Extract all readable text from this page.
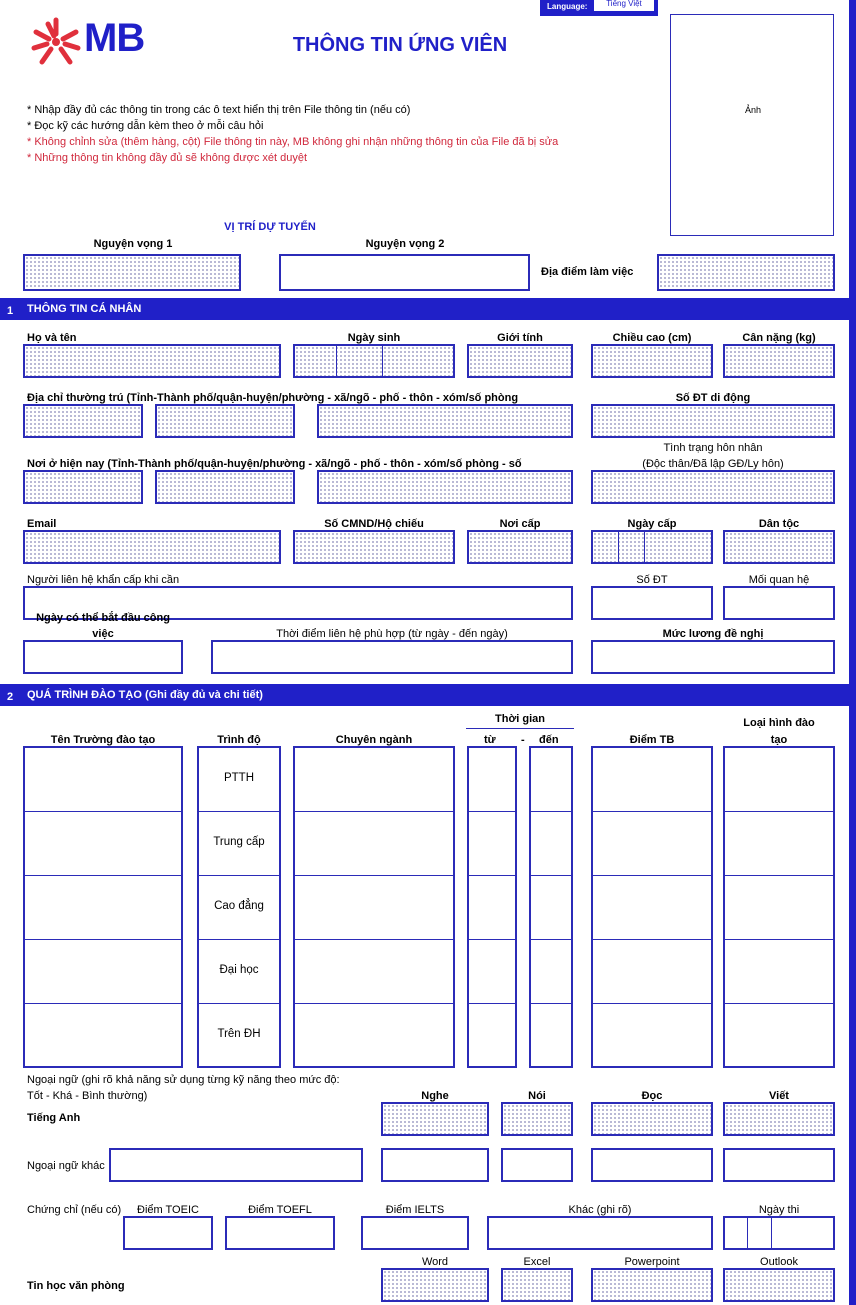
Language:	Tiếng Việt
MB	THÔNG TIN ỨNG VIÊN
Ảnh
* Nhập đầy đủ các thông tin trong các ô text hiển thị trên File thông tin (nếu có)
* Đọc kỹ các hướng dẫn kèm theo ở mỗi câu hỏi
* Không chỉnh sửa (thêm hàng, cột) File thông tin này, MB không ghi nhận những thông tin của File đã bị sửa
* Những thông tin không đầy đủ sẽ không được xét duyệt
VỊ TRÍ DỰ TUYỂN
Nguyện vọng 1	Nguyện vọng 2
Địa điểm làm việc
1 THÔNG TIN CÁ NHÂN
Họ và tên	Ngày sinh	Giới tính	Chiều cao (cm)	Cân nặng (kg)
Địa chỉ thường trú (Tỉnh-Thành phố/quận-huyện/phường - xã/ngõ - phố - thôn - xóm/số phòng	Số ĐT di động
Tình trạng hôn nhân
(Độc thân/Đã lập GĐ/Ly hôn)
Nơi ở hiện nay (Tỉnh-Thành phố/quận-huyện/phường - xã/ngõ - phố - thôn - xóm/số phòng - số
Email	Số CMND/Hộ chiếu	Nơi cấp	Ngày cấp	Dân tộc
Người liên hệ khẩn cấp khi cần	Số ĐT	Mối quan hệ
Ngày có thể bắt đầu công
việc	Thời điểm liên hệ phù hợp (từ ngày - đến ngày)	Mức lương đề nghị
2 QUÁ TRÌNH ĐÀO TẠO (Ghi đầy đủ và chi tiết)
Thời gian	Loại hình đào
Tên Trường đào tạo	Trình độ	Chuyên ngành	từ - đến	Điểm TB	tạo
PTTH
Trung cấp
Cao đẳng
Đại học
Trên ĐH
Ngoại ngữ (ghi rõ khả năng sử dụng từng kỹ năng theo mức độ:
Tốt - Khá - Bình thường)	Nghe	Nói	Đọc	Viết
Tiếng Anh
Ngoại ngữ khác
Chứng chỉ (nếu có)	Điểm TOEIC	Điểm TOEFL	Điểm IELTS	Khác (ghi rõ)	Ngày thi
Word	Excel	Powerpoint	Outlook
Tin học văn phòng
